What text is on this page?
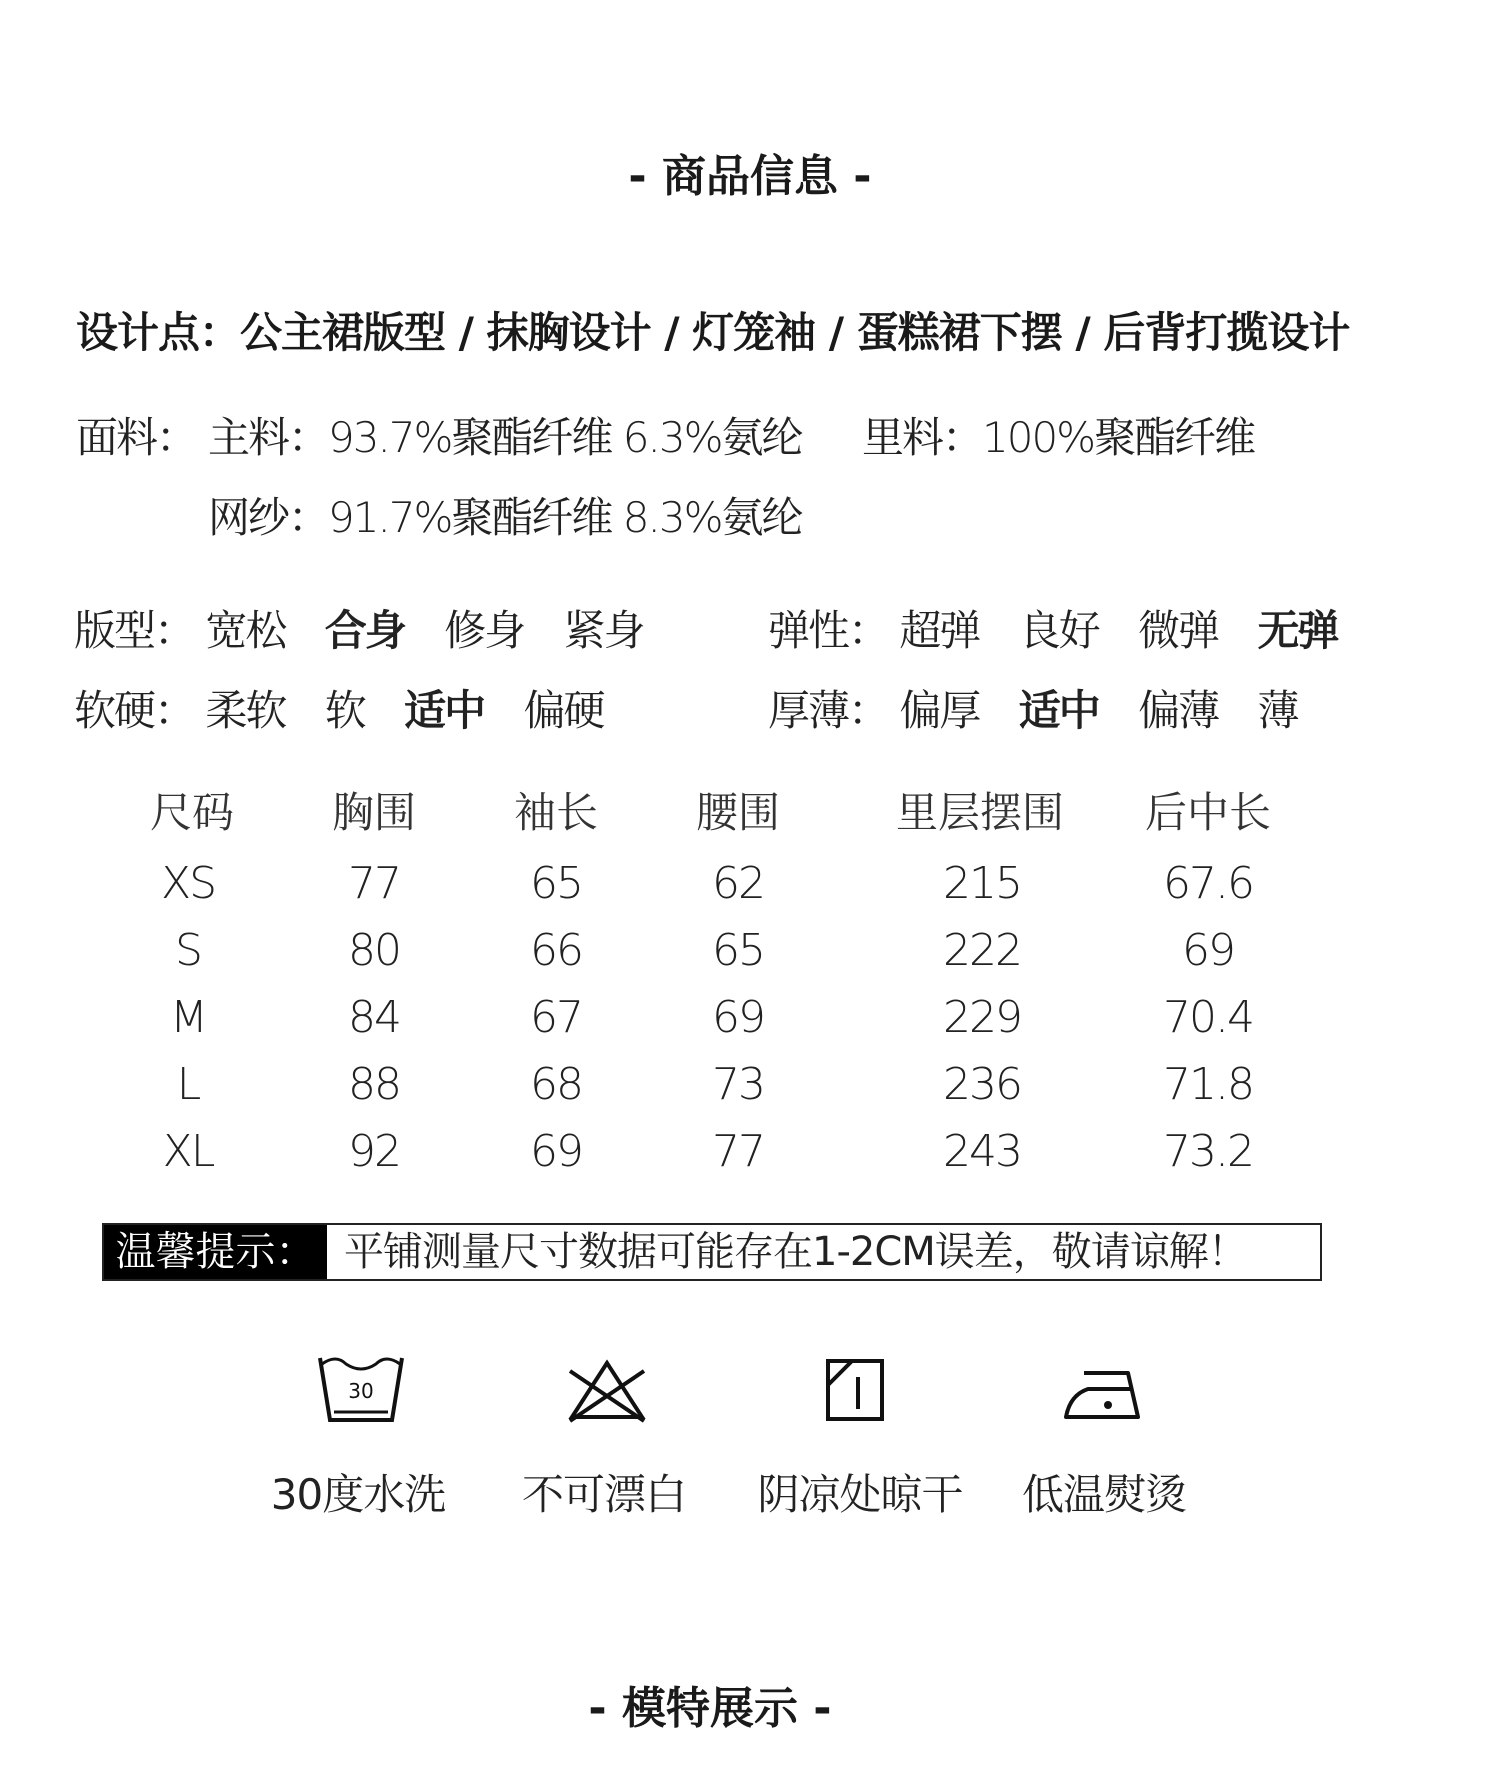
- 商品信息 -
设计点：公主裙版型 / 抹胸设计 / 灯笼袖 / 蛋糕裙下摆 / 后背打揽设计
面料： 主料：93.7%聚酯纤维 6.3%氨纶 里料：100%聚酯纤维
网纱：91.7%聚酯纤维 8.3%氨纶
版型： 宽松 合身 修身 紧身	弹性： 超弹 良好 微弹 无弹
软硬： 柔软 软 适中 偏硬	厚薄： 偏厚 适中 偏薄 薄
尺码	胸围	袖长	腰围	里层摆围	后中长
XS	77	65	62	215	67.6
S	80	66	65	222	69
M	84	67	69	229	70.4
L	88	68	73	236	71.8
XL	92	69	77	243	73.2
温馨提示： 平铺测量尺寸数据可能存在1-2CM误差，敬请谅解！
30
30度水洗	不可漂白	阴凉处晾干	低温熨烫
- 模特展示 -
